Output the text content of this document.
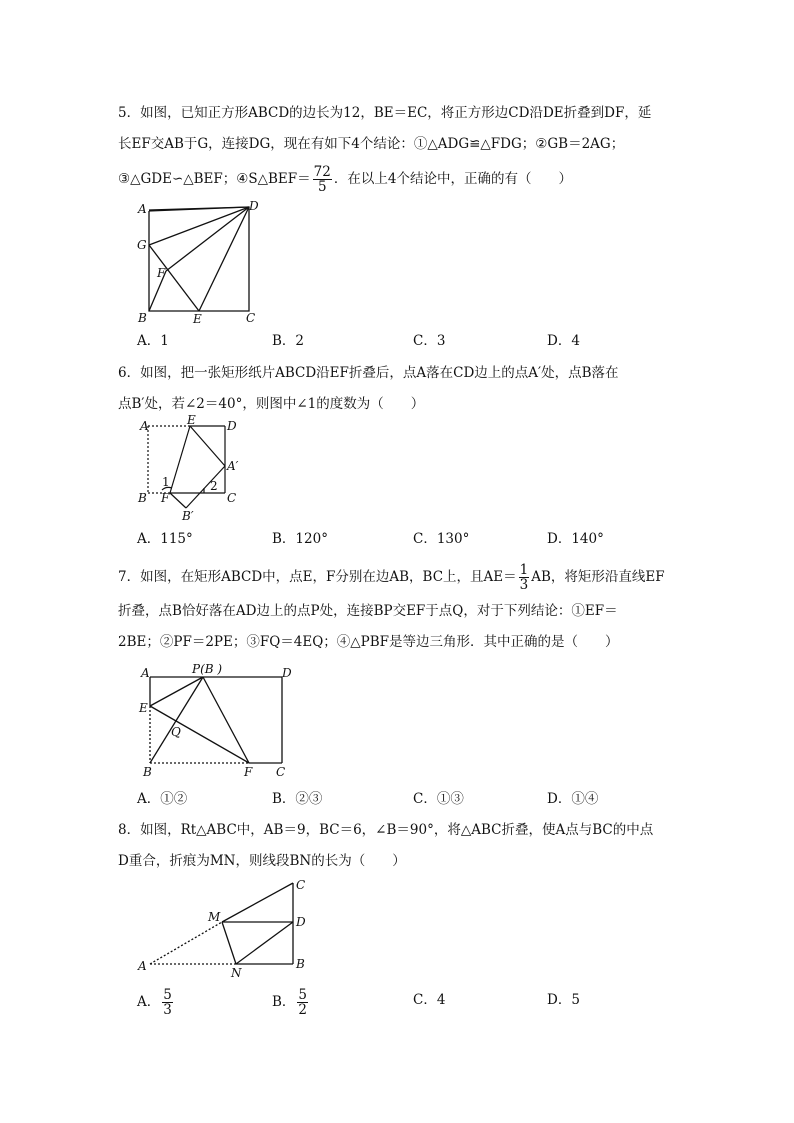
5．如图，已知正方形ABCD的边长为12，BE＝EC，将正方形边CD沿DE折叠到DF，延
长EF交AB于G，连接DG，现在有如下4个结论：①△ADG≌△FDG；②GB＝2AG；
③△GDE∽△BEF；④S△BEF＝ $\frac{72}{5}$ ．在以上4个结论中，正确的有（　　）
A	D
G
F
B	E	C
A．1	B．2	C．3	D．4
6．如图，把一张矩形纸片ABCD沿EF折叠后，点A落在CD边上的点A′处，点B落在
点B′处，若∠2＝40°，则图中∠1的度数为（　　）
A	E	D
A′
B F	C
B′
1	2
A．115°	B．120°	C．130°	D．140°
7．如图，在矩形ABCD中，点E，F分别在边AB，BC上，且$AE= \frac{1}{3}$ AB，将矩形沿直线EF
折叠，点B恰好落在AD边上的点P处，连接BP交EF于点Q，对于下列结论：①EF＝
2BE；②PF＝2PE；③FQ＝4EQ；④△PBF是等边三角形．其中正确的是（　　）
A	P(B )	D
E
Q
B	F C
A．①②	B．②③	C．①③	D．①④
8．如图，Rt△ABC中，AB＝9，BC＝6，∠B＝90°，将△ABC折叠，使A点与BC的中点
D重合，折痕为MN，则线段BN的长为（　　）
C
M	D
A	N
B
A． $\frac{5}{3}$	B． $\frac{5}{2}$	C．4	D．5
